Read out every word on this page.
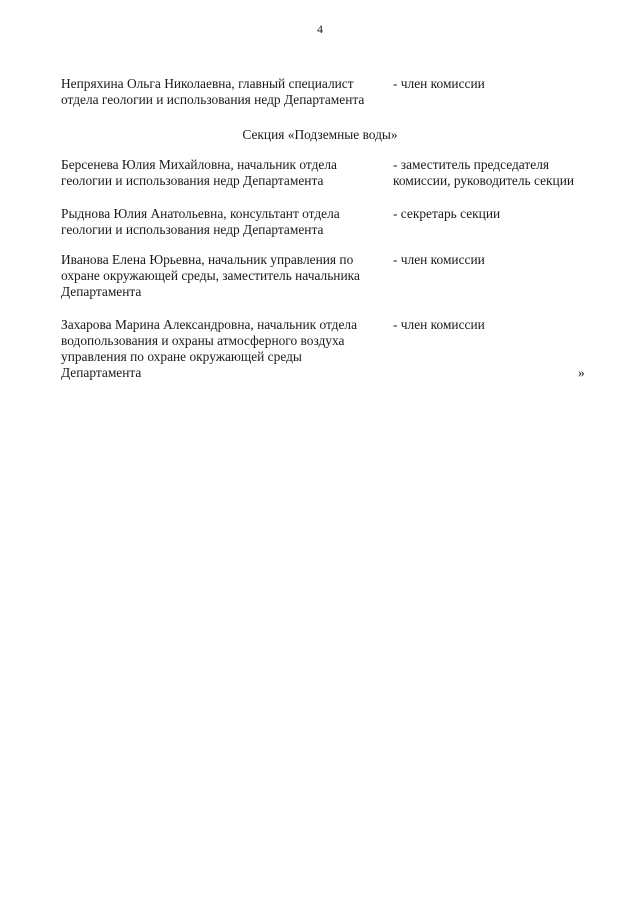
4
Непряхина Ольга Николаевна, главный специалист
отдела геологии и использования недр Департамента
- член комиссии
Секция «Подземные воды»
Берсенева Юлия Михайловна, начальник отдела
геологии и использования недр Департамента
- заместитель председателя
комиссии, руководитель секции
Рыднова Юлия Анатольевна, консультант отдела
геологии и использования недр Департамента
- секретарь секции
Иванова Елена Юрьевна, начальник управления по
охране окружающей среды, заместитель начальника
Департамента
- член комиссии
Захарова Марина Александровна, начальник отдела
водопользования и охраны атмосферного воздуха
управления по охране окружающей среды
Департамента
- член комиссии
»
